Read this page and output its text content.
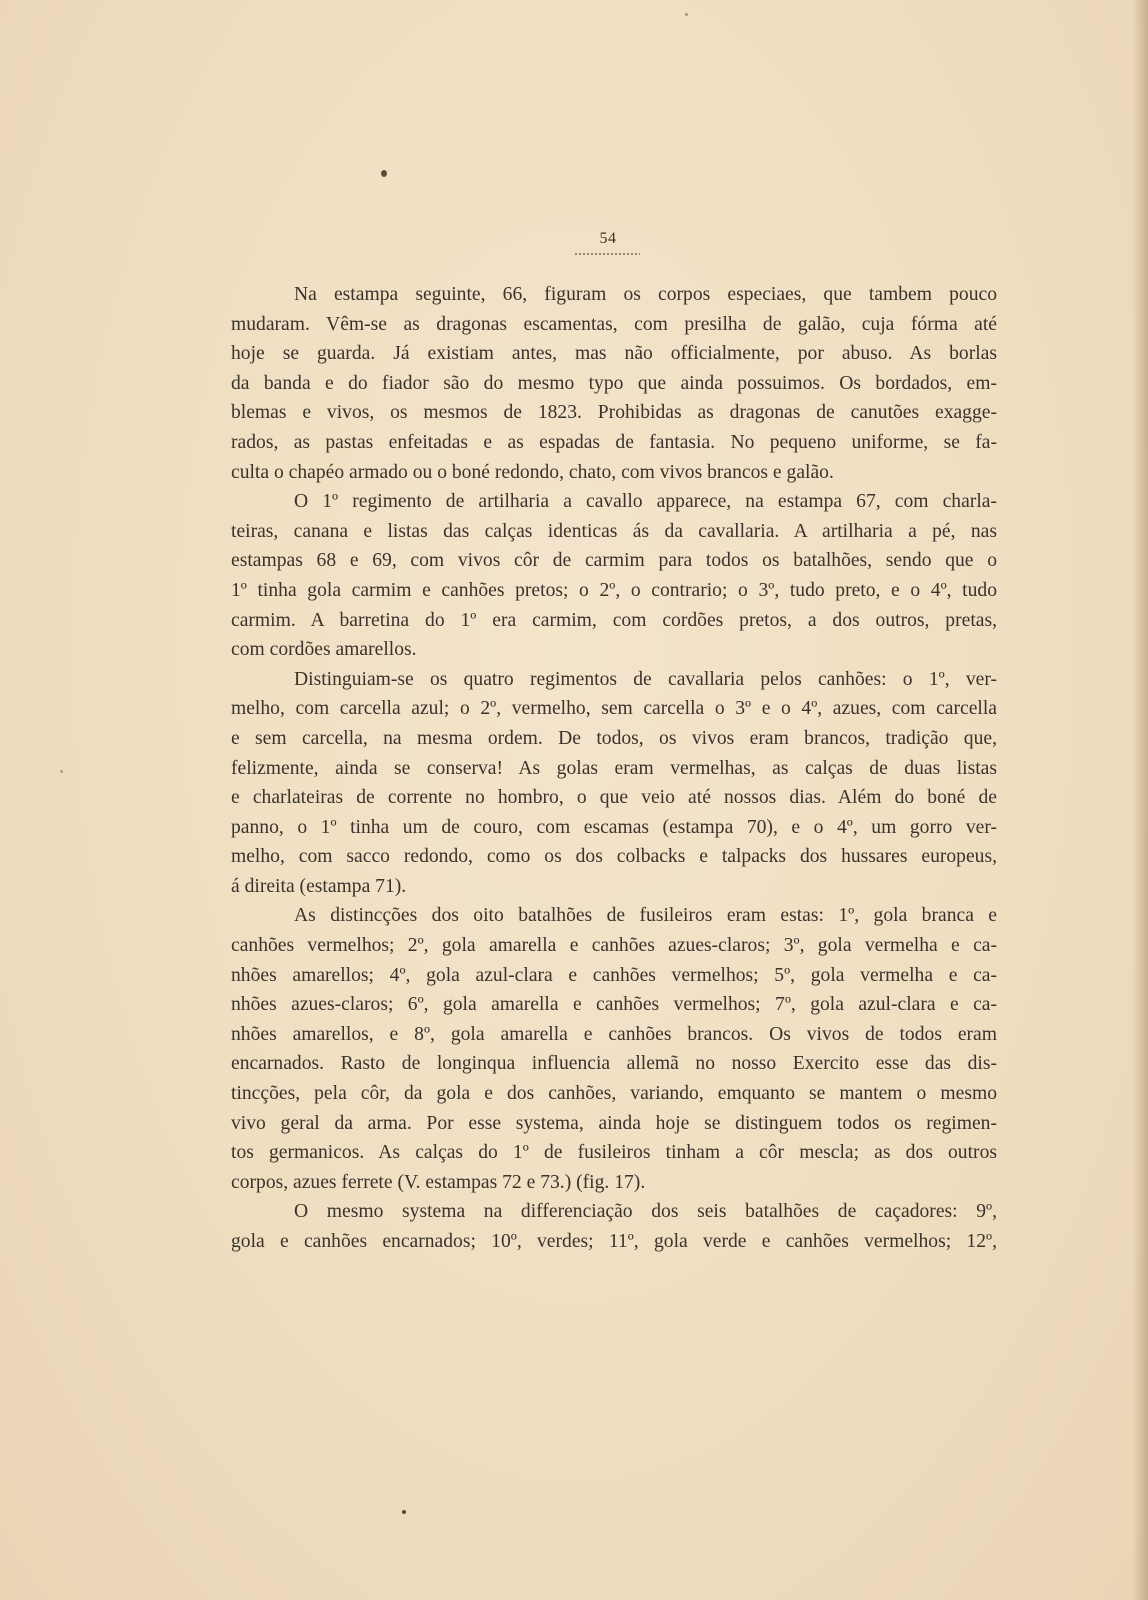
54
Na estampa seguinte, 66, figuram os corpos especiaes, que tambem pouco
mudaram. Vêm-se as dragonas escamentas, com presilha de galão, cuja fórma até
hoje se guarda. Já existiam antes, mas não officialmente, por abuso. As borlas
da banda e do fiador são do mesmo typo que ainda possuimos. Os bordados, em-
blemas e vivos, os mesmos de 1823. Prohibidas as dragonas de canutões exagge-
rados, as pastas enfeitadas e as espadas de fantasia. No pequeno uniforme, se fa-
culta o chapéo armado ou o boné redondo, chato, com vivos brancos e galão.
O 1º regimento de artilharia a cavallo apparece, na estampa 67, com charla-
teiras, canana e listas das calças identicas ás da cavallaria. A artilharia a pé, nas
estampas 68 e 69, com vivos côr de carmim para todos os batalhões, sendo que o
1º tinha gola carmim e canhões pretos; o 2º, o contrario; o 3º, tudo preto, e o 4º, tudo
carmim. A barretina do 1º era carmim, com cordões pretos, a dos outros, pretas,
com cordões amarellos.
Distinguiam-se os quatro regimentos de cavallaria pelos canhões: o 1º, ver-
melho, com carcella azul; o 2º, vermelho, sem carcella o 3º e o 4º, azues, com carcella
e sem carcella, na mesma ordem. De todos, os vivos eram brancos, tradição que,
felizmente, ainda se conserva! As golas eram vermelhas, as calças de duas listas
e charlateiras de corrente no hombro, o que veio até nossos dias. Além do boné de
panno, o 1º tinha um de couro, com escamas (estampa 70), e o 4º, um gorro ver-
melho, com sacco redondo, como os dos colbacks e talpacks dos hussares europeus,
á direita (estampa 71).
As distincções dos oito batalhões de fusileiros eram estas: 1º, gola branca e
canhões vermelhos; 2º, gola amarella e canhões azues-claros; 3º, gola vermelha e ca-
nhões amarellos; 4º, gola azul-clara e canhões vermelhos; 5º, gola vermelha e ca-
nhões azues-claros; 6º, gola amarella e canhões vermelhos; 7º, gola azul-clara e ca-
nhões amarellos, e 8º, gola amarella e canhões brancos. Os vivos de todos eram
encarnados. Rasto de longinqua influencia allemã no nosso Exercito esse das dis-
tincções, pela côr, da gola e dos canhões, variando, emquanto se mantem o mesmo
vivo geral da arma. Por esse systema, ainda hoje se distinguem todos os regimen-
tos germanicos. As calças do 1º de fusileiros tinham a côr mescla; as dos outros
corpos, azues ferrete (V. estampas 72 e 73.) (fig. 17).
O mesmo systema na differenciação dos seis batalhões de caçadores: 9º,
gola e canhões encarnados; 10º, verdes; 11º, gola verde e canhões vermelhos; 12º,
